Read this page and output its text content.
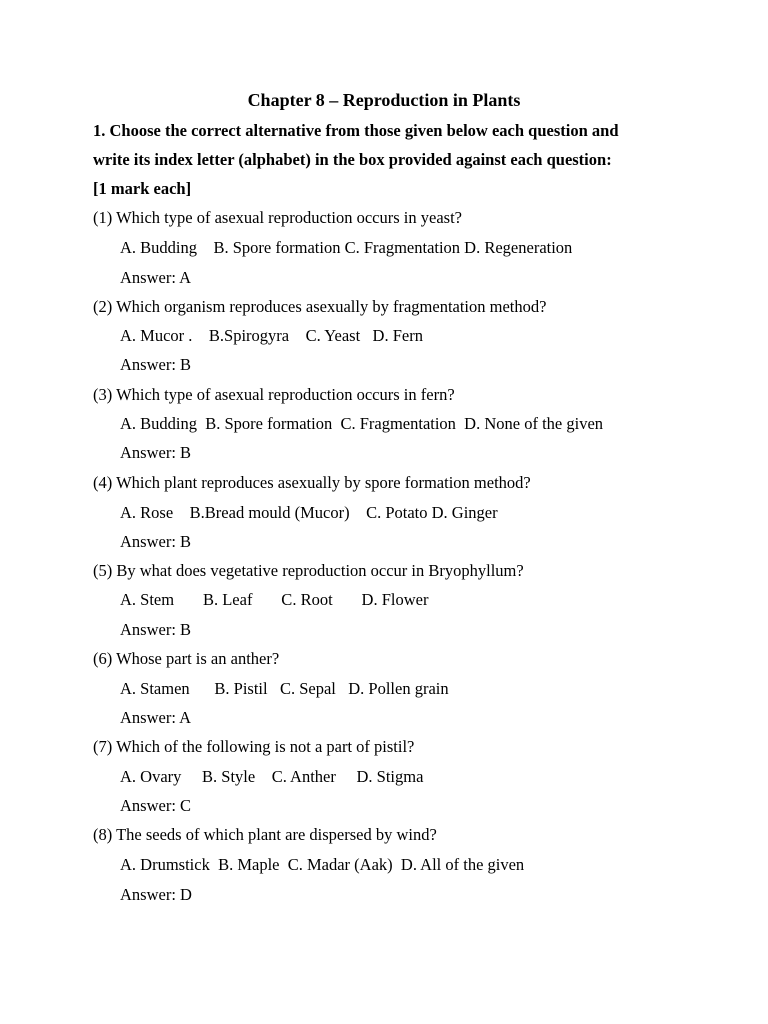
Chapter 8 – Reproduction in Plants
1. Choose the correct alternative from those given below each question and
write its index letter (alphabet) in the box provided against each question:
[1 mark each]
(1) Which type of asexual reproduction occurs in yeast?
A. Budding    B. Spore formation C. Fragmentation D. Regeneration
Answer: A
(2) Which organism reproduces asexually by fragmentation method?
A. Mucor .    B.Spirogyra    C. Yeast   D. Fern
Answer: B
(3) Which type of asexual reproduction occurs in fern?
A. Budding  B. Spore formation  C. Fragmentation  D. None of the given
Answer: B
(4) Which plant reproduces asexually by spore formation method?
A. Rose    B.Bread mould (Mucor)    C. Potato D. Ginger
Answer: B
(5) By what does vegetative reproduction occur in Bryophyllum?
A. Stem       B. Leaf       C. Root       D. Flower
Answer: B
(6) Whose part is an anther?
A. Stamen      B. Pistil   C. Sepal   D. Pollen grain
Answer: A
(7) Which of the following is not a part of pistil?
A. Ovary     B. Style    C. Anther     D. Stigma
Answer: C
(8) The seeds of which plant are dispersed by wind?
A. Drumstick  B. Maple  C. Madar (Aak)  D. All of the given
Answer: D
